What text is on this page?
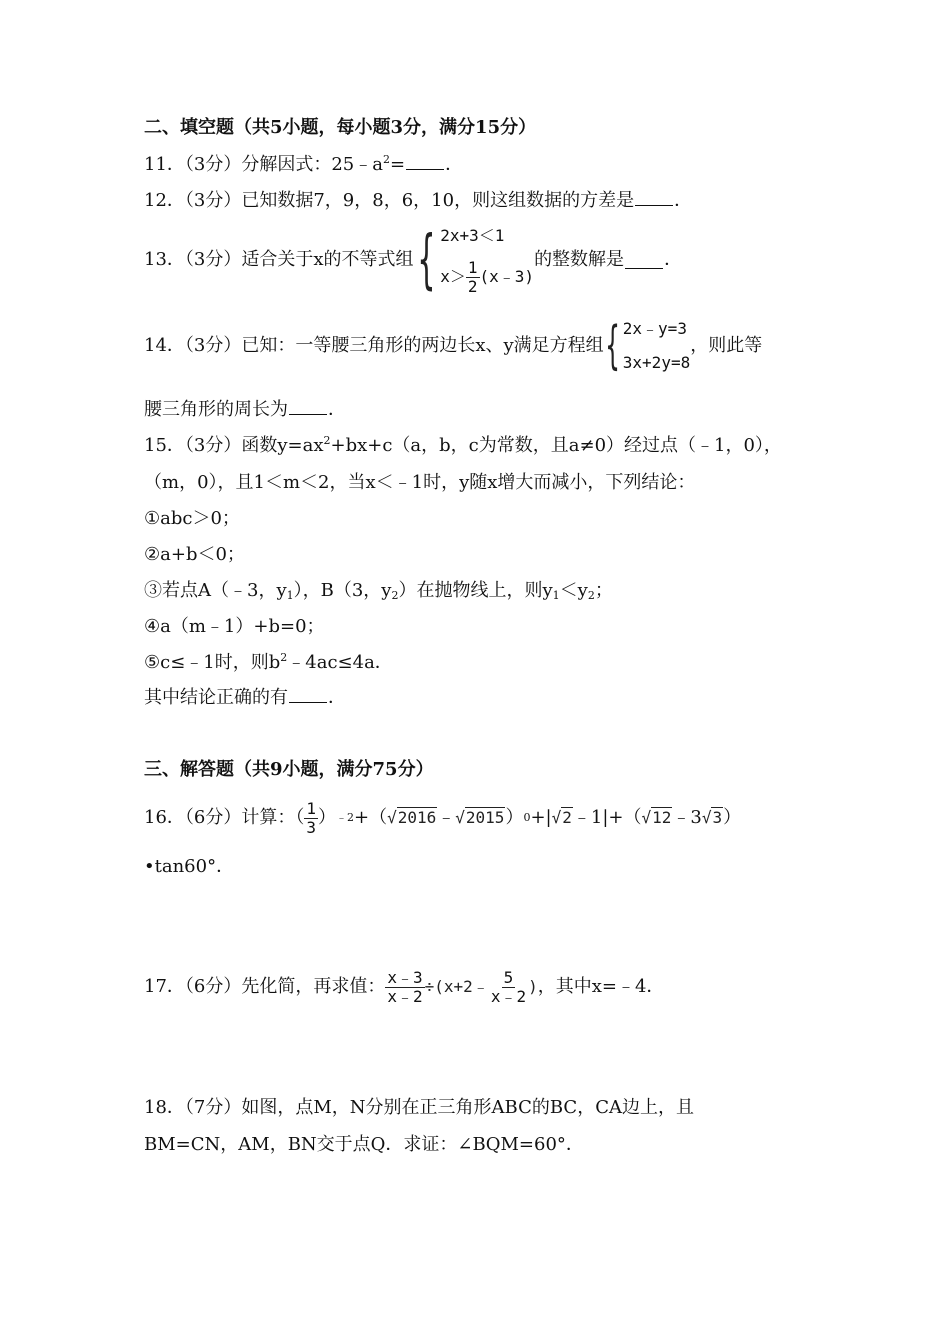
二、填空题（共5小题，每小题3分，满分15分）
11．（3分）分解因式：$25﹣a^2=$ ．
12．（3分）已知数据7，9，8，6，10，则这组数据的方差是 ．
13．（3分）适合关于x的不等式组 { 2x+3＜1
$x> \frac{1}{2}$ (x﹣3)
的整数解是 ．
14．（3分）已知：一等腰三角形的两边长x、y满足方程组 { 2x﹣y=3
3x+2y=8
，则此等
腰三角形的周长为 ．
15．（3分）函数$y=ax^2+bx+c(a$，b，c为常数，且a≠0）经过点（﹣1，0），
（m，0），且1＜m＜2，当x＜﹣1时，y随x增大而减小，下列结论：
①abc＞0；
②a+b＜0；
③若点A（﹣3，$y_1$），B（3，$y_2$）在抛物线上，则$y_1<y_2$；
④a（m﹣1）+b=0；
⑤c≤﹣1时，则$b^2﹣4ac\le 4a$．
其中结论正确的有 ．
三、解答题（共9小题，满分75分）
16．（6分）计算：（ $\frac{1}{3}$ ） ﹣2 +（ √2016 ﹣ √2015 ） 0 +| √2 ﹣1|+（ √12 ﹣3 √3 ）
•tan60°．
17．（6分）先化简，再求值： $\frac{x﹣3}{x﹣2}$ ÷(x+2﹣ $\frac{5}{x﹣2}$ ) ，其中x=﹣4．
18．（7分）如图，点M，N分别在正三角形ABC的BC，CA边上，且
BM=CN，AM，BN交于点Q．求证：∠BQM=60°．
